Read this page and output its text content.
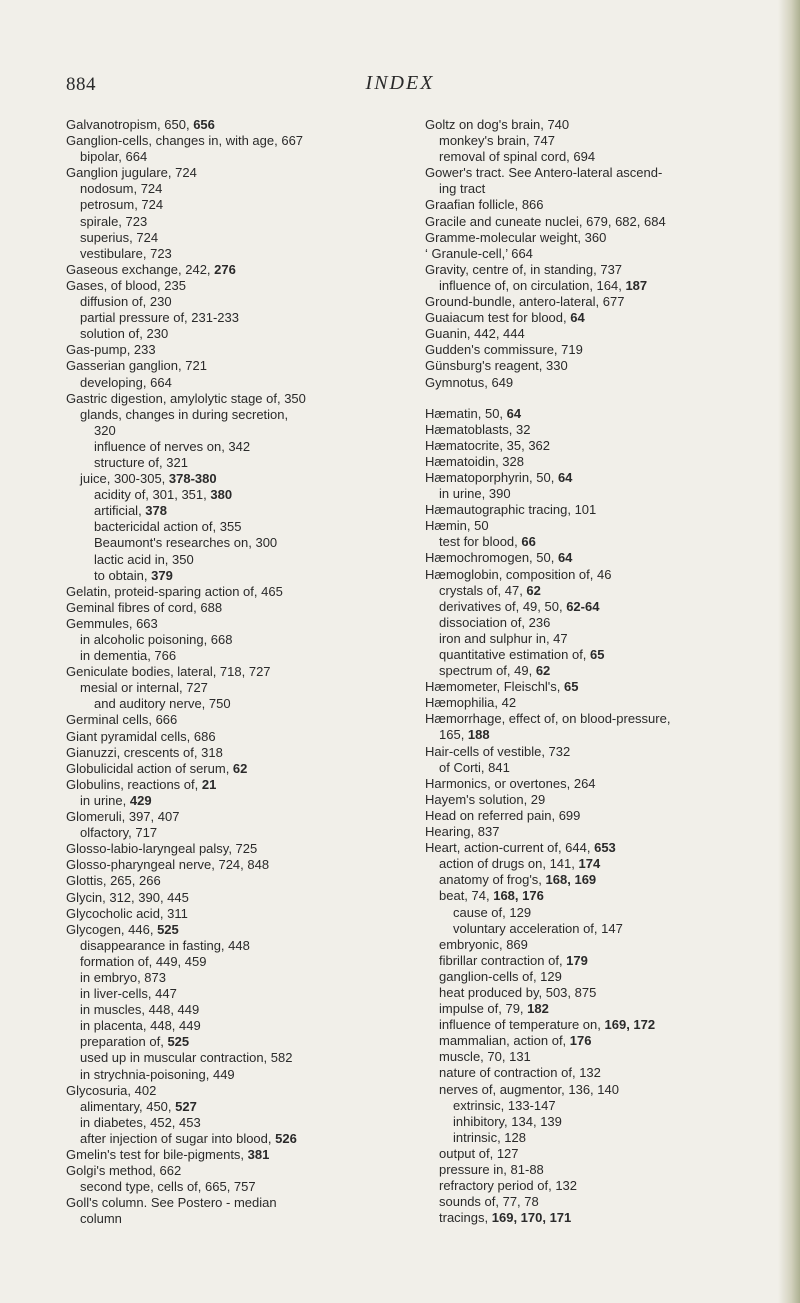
884	INDEX
Galvanotropism, 650, 656
Ganglion-cells, changes in, with age, 667
bipolar, 664
Ganglion jugulare, 724
nodosum, 724
petrosum, 724
spirale, 723
superius, 724
vestibulare, 723
Gaseous exchange, 242, 276
Gases, of blood, 235
diffusion of, 230
partial pressure of, 231-233
solution of, 230
Gas-pump, 233
Gasserian ganglion, 721
developing, 664
Gastric digestion, amylolytic stage of, 350
glands, changes in during secretion,
320
influence of nerves on, 342
structure of, 321
juice, 300-305, 378-380
acidity of, 301, 351, 380
artificial, 378
bactericidal action of, 355
Beaumont's researches on, 300
lactic acid in, 350
to obtain, 379
Gelatin, proteid-sparing action of, 465
Geminal fibres of cord, 688
Gemmules, 663
in alcoholic poisoning, 668
in dementia, 766
Geniculate bodies, lateral, 718, 727
mesial or internal, 727
and auditory nerve, 750
Germinal cells, 666
Giant pyramidal cells, 686
Gianuzzi, crescents of, 318
Globulicidal action of serum, 62
Globulins, reactions of, 21
in urine, 429
Glomeruli, 397, 407
olfactory, 717
Glosso-labio-laryngeal palsy, 725
Glosso-pharyngeal nerve, 724, 848
Glottis, 265, 266
Glycin, 312, 390, 445
Glycocholic acid, 311
Glycogen, 446, 525
disappearance in fasting, 448
formation of, 449, 459
in embryo, 873
in liver-cells, 447
in muscles, 448, 449
in placenta, 448, 449
preparation of, 525
used up in muscular contraction, 582
in strychnia-poisoning, 449
Glycosuria, 402
alimentary, 450, 527
in diabetes, 452, 453
after injection of sugar into blood, 526
Gmelin's test for bile-pigments, 381
Golgi's method, 662
second type, cells of, 665, 757
Goll's column. See Postero - median
column
Goltz on dog's brain, 740
monkey's brain, 747
removal of spinal cord, 694
Gower's tract. See Antero-lateral ascend-
ing tract
Graafian follicle, 866
Gracile and cuneate nuclei, 679, 682, 684
Gramme-molecular weight, 360
‘ Granule-cell,’ 664
Gravity, centre of, in standing, 737
influence of, on circulation, 164, 187
Ground-bundle, antero-lateral, 677
Guaiacum test for blood, 64
Guanin, 442, 444
Gudden's commissure, 719
Günsburg's reagent, 330
Gymnotus, 649
Hæmatin, 50, 64
Hæmatoblasts, 32
Hæmatocrite, 35, 362
Hæmatoidin, 328
Hæmatoporphyrin, 50, 64
in urine, 390
Hæmautographic tracing, 101
Hæmin, 50
test for blood, 66
Hæmochromogen, 50, 64
Hæmoglobin, composition of, 46
crystals of, 47, 62
derivatives of, 49, 50, 62-64
dissociation of, 236
iron and sulphur in, 47
quantitative estimation of, 65
spectrum of, 49, 62
Hæmometer, Fleischl's, 65
Hæmophilia, 42
Hæmorrhage, effect of, on blood-pressure,
165, 188
Hair-cells of vestible, 732
of Corti, 841
Harmonics, or overtones, 264
Hayem's solution, 29
Head on referred pain, 699
Hearing, 837
Heart, action-current of, 644, 653
action of drugs on, 141, 174
anatomy of frog's, 168, 169
beat, 74, 168, 176
cause of, 129
voluntary acceleration of, 147
embryonic, 869
fibrillar contraction of, 179
ganglion-cells of, 129
heat produced by, 503, 875
impulse of, 79, 182
influence of temperature on, 169, 172
mammalian, action of, 176
muscle, 70, 131
nature of contraction of, 132
nerves of, augmentor, 136, 140
extrinsic, 133-147
inhibitory, 134, 139
intrinsic, 128
output of, 127
pressure in, 81-88
refractory period of, 132
sounds of, 77, 78
tracings, 169, 170, 171
